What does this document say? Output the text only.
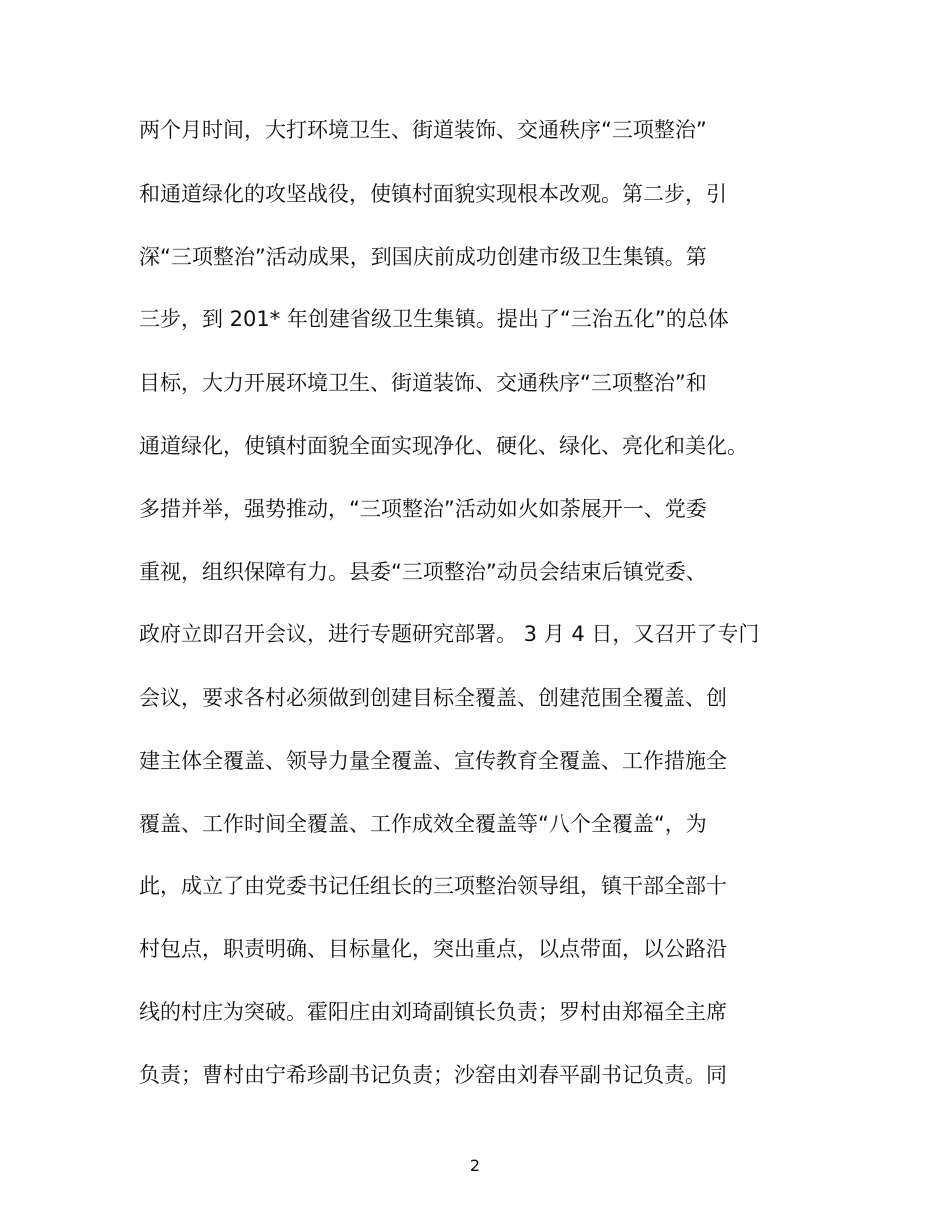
两个月时间，大打环境卫生、街道装饰、交通秩序“三项整治”
和通道绿化的攻坚战役，使镇村面貌实现根本改观。第二步，引
深“三项整治”活动成果，到国庆前成功创建市级卫生集镇。第
三步，到 201* 年创建省级卫生集镇。提出了“三治五化”的总体
目标，大力开展环境卫生、街道装饰、交通秩序“三项整治”和
通道绿化，使镇村面貌全面实现净化、硬化、绿化、亮化和美化。
多措并举，强势推动，“三项整治”活动如火如荼展开一、党委
重视，组织保障有力。县委“三项整治”动员会结束后镇党委、
政府立即召开会议，进行专题研究部署。 3 月 4 日，又召开了专门
会议，要求各村必须做到创建目标全覆盖、创建范围全覆盖、创
建主体全覆盖、领导力量全覆盖、宣传教育全覆盖、工作措施全
覆盖、工作时间全覆盖、工作成效全覆盖等“八个全覆盖“，为
此，成立了由党委书记任组长的三项整治领导组，镇干部全部十
村包点，职责明确、目标量化，突出重点，以点带面，以公路沿
线的村庄为突破。霍阳庄由刘琦副镇长负责；罗村由郑福全主席
负责；曹村由宁希珍副书记负责；沙窑由刘春平副书记负责。同
2
